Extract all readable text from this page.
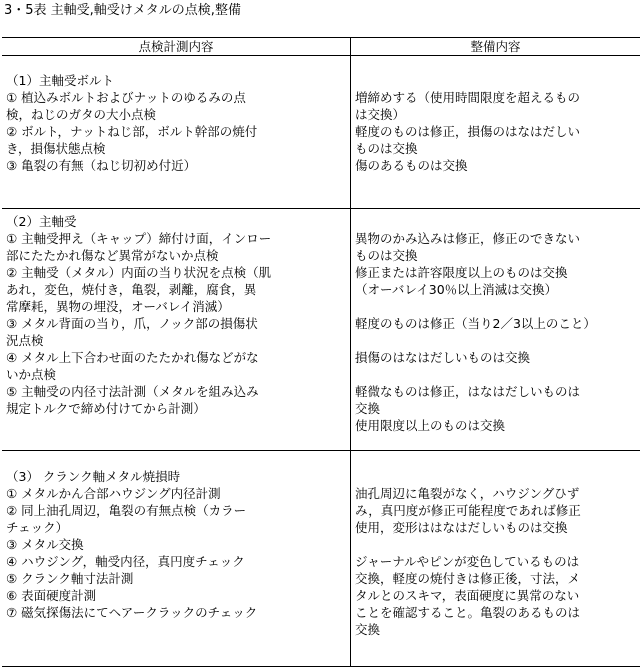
3・5表 主軸受,軸受けメタルの点検,整備
点検計測内容	整備内容
（1）主軸受ボルト
① 植込みボルトおよびナットのゆるみの点
検，ねじのガタの大小点検
② ボルト，ナットねじ部，ボルト幹部の焼付
き，損傷状態点検
③ 亀裂の有無（ねじ切初め付近）
増締めする（使用時間限度を超えるもの
は交換）
軽度のものは修正，損傷のはなはだしい
ものは交換
傷のあるものは交換
（2）主軸受
① 主軸受押え（キャップ）締付け面，インロー
部にたたかれ傷など異常がないか点検
② 主軸受（メタル）内面の当り状況を点検（肌
あれ，変色，焼付き，亀裂，剥離，腐食，異
常摩耗，異物の埋没，オーバレイ消滅）
③ メタル背面の当り，爪，ノック部の損傷状
況点検
④ メタル上下合わせ面のたたかれ傷などがな
いか点検
⑤ 主軸受の内径寸法計測（メタルを組み込み
規定トルクで締め付けてから計測）
異物のかみ込みは修正，修正のできない
ものは交換
修正または許容限度以上のものは交換
（オーバレイ30％以上消滅は交換）
軽度のものは修正（当り2／3以上のこと）
損傷のはなはだしいものは交換
軽微なものは修正，はなはだしいものは
交換
使用限度以上のものは交換
（3） クランク軸メタル焼損時
① メタルかん合部ハウジング内径計測
② 同上油孔周辺，亀裂の有無点検（カラー
チェック）
③ メタル交換
④ ハウジング，軸受内径，真円度チェック
⑤ クランク軸寸法計測
⑥ 表面硬度計測
⑦ 磁気探傷法にてヘアークラックのチェック
油孔周辺に亀裂がなく，ハウジングひず
み，真円度が修正可能程度であれば修正
使用，変形ははなはだしいものは交換
ジャーナルやピンが変色しているものは
交換，軽度の焼付きは修正後，寸法，メ
タルとのスキマ，表面硬度に異常のない
ことを確認すること。亀裂のあるものは
交換
